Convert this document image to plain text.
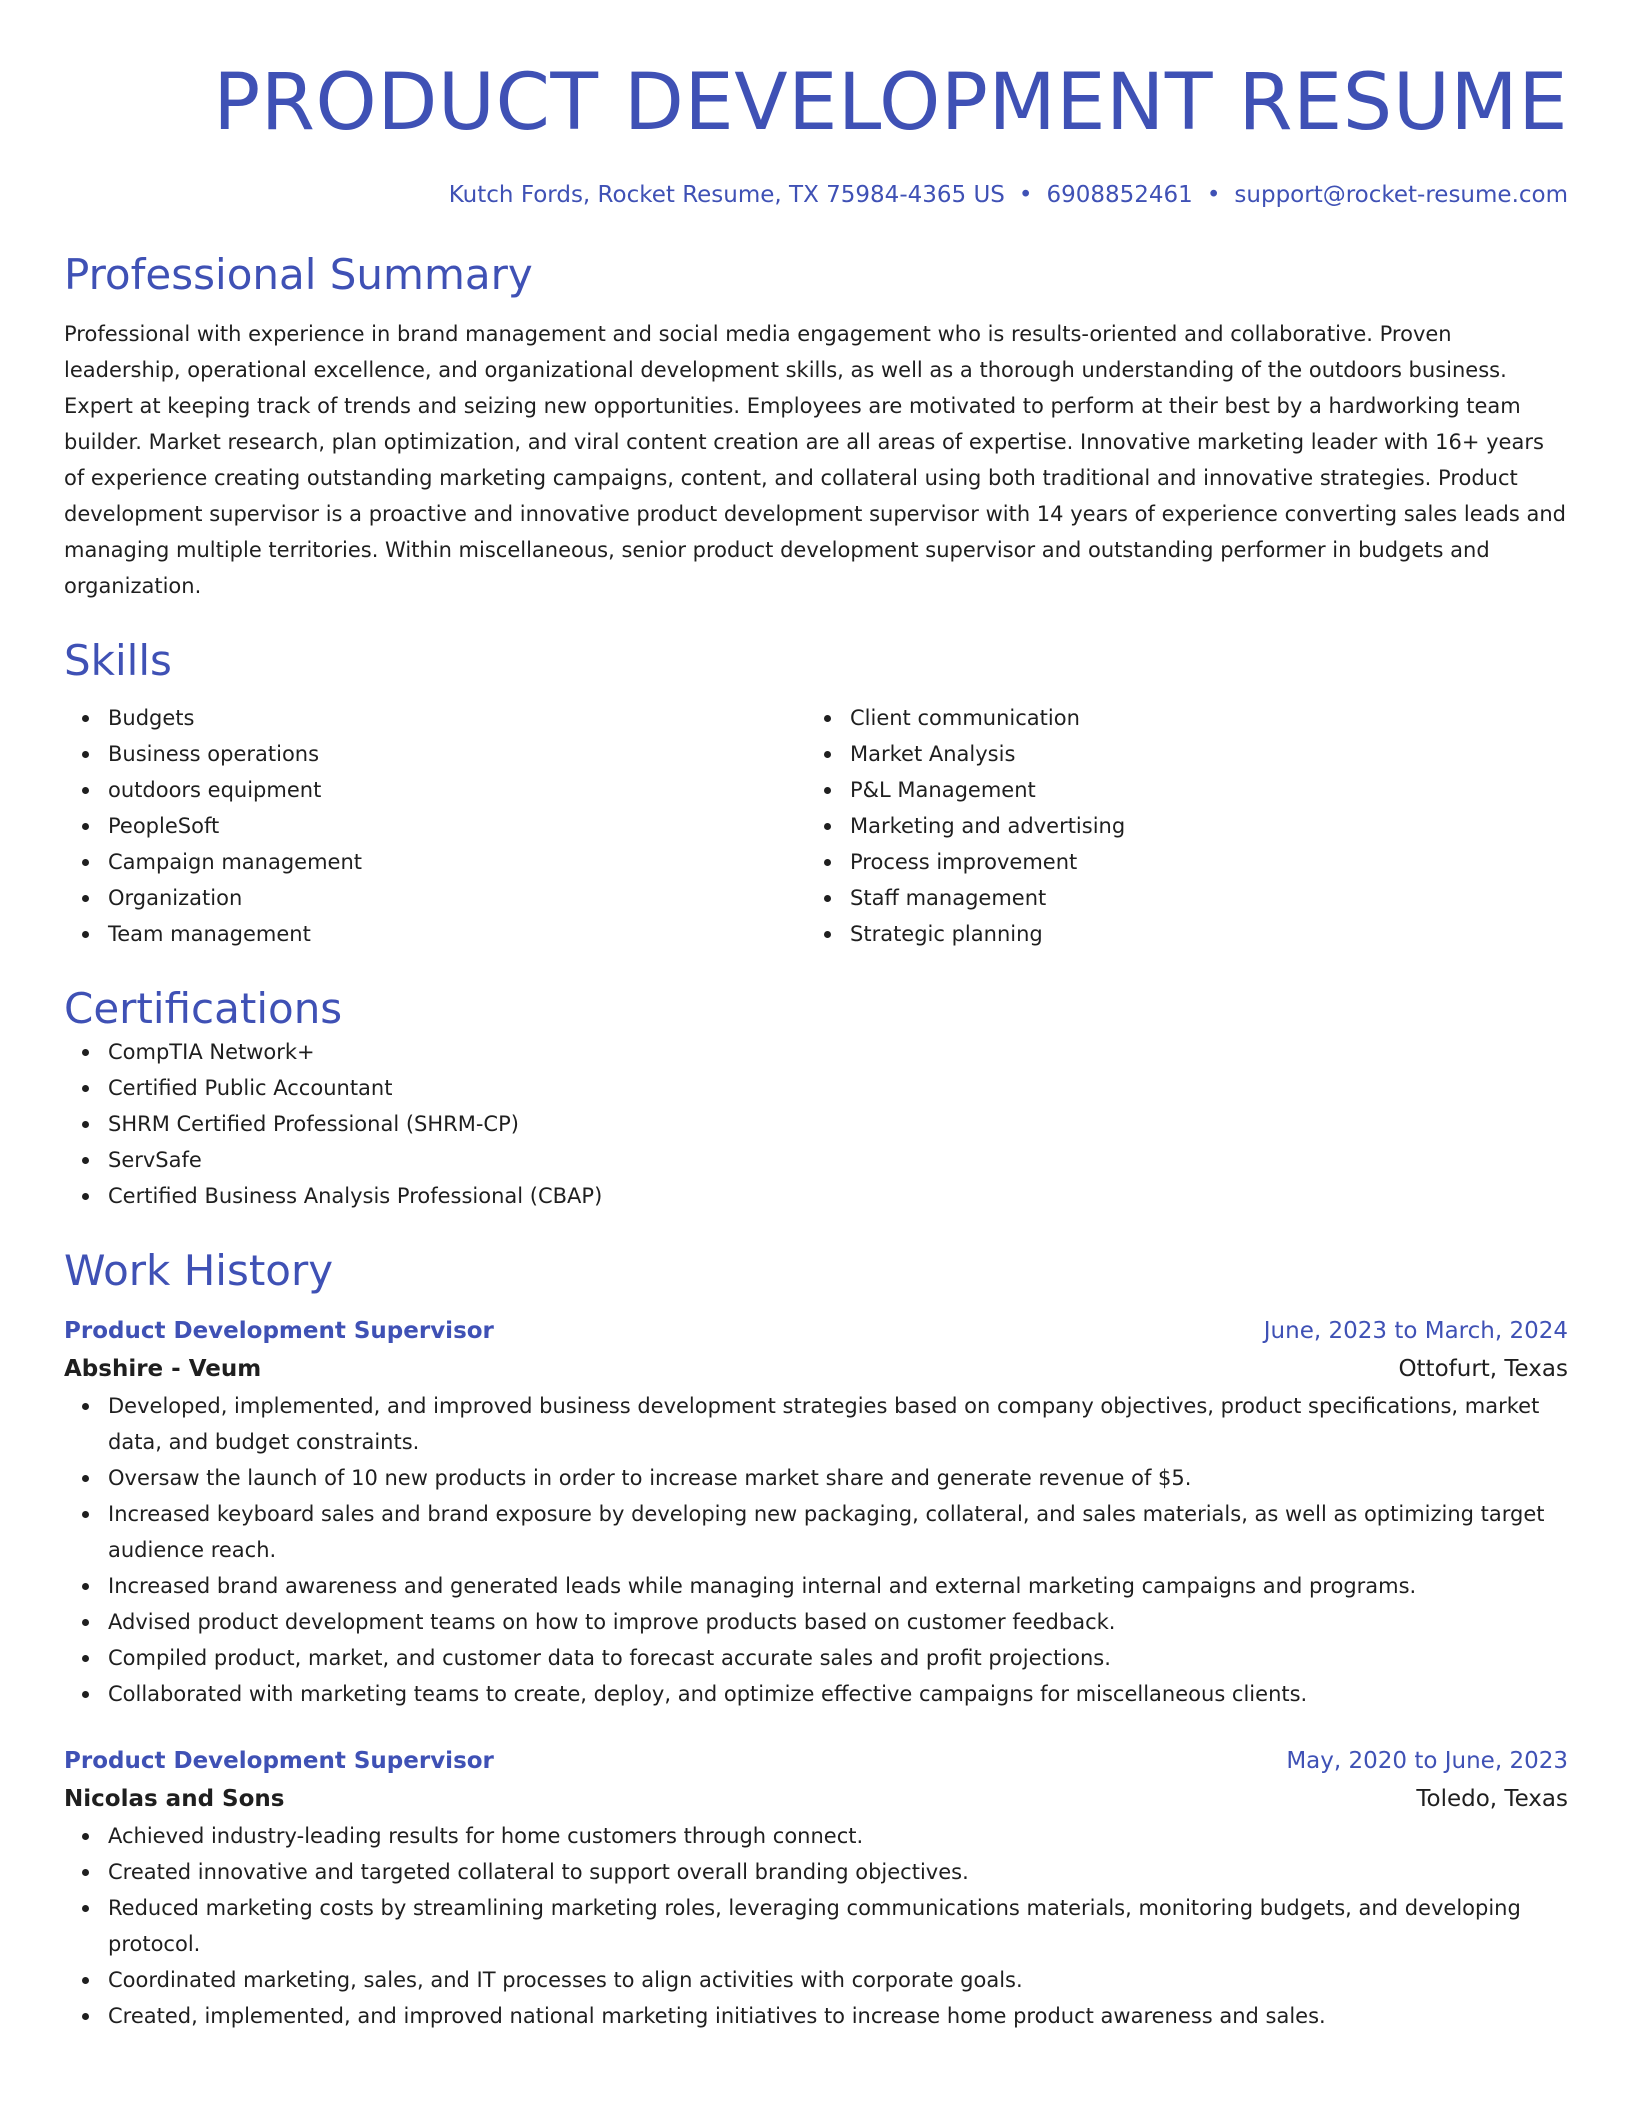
PRODUCT DEVELOPMENT RESUME
Kutch Fords, Rocket Resume, TX 75984-4365 US • 6908852461 • support@rocket-resume.com
Professional Summary
Professional with experience in brand management and social media engagement who is results-oriented and collaborative. Proven leadership, operational excellence, and organizational development skills, as well as a thorough understanding of the outdoors business. Expert at keeping track of trends and seizing new opportunities. Employees are motivated to perform at their best by a hardworking team builder. Market research, plan optimization, and viral content creation are all areas of expertise. Innovative marketing leader with 16+ years of experience creating outstanding marketing campaigns, content, and collateral using both traditional and innovative strategies. Product development supervisor is a proactive and innovative product development supervisor with 14 years of experience converting sales leads and managing multiple territories. Within miscellaneous, senior product development supervisor and outstanding performer in budgets and organization.
Skills
Budgets
Business operations
outdoors equipment
PeopleSoft
Campaign management
Organization
Team management
Client communication
Market Analysis
P&L Management
Marketing and advertising
Process improvement
Staff management
Strategic planning
Certifications
CompTIA Network+
Certified Public Accountant
SHRM Certified Professional (SHRM-CP)
ServSafe
Certified Business Analysis Professional (CBAP)
Work History
Product Development Supervisor	June, 2023 to March, 2024
Abshire - Veum	Ottofurt, Texas
Developed, implemented, and improved business development strategies based on company objectives, product specifications, market data, and budget constraints.
Oversaw the launch of 10 new products in order to increase market share and generate revenue of $5.
Increased keyboard sales and brand exposure by developing new packaging, collateral, and sales materials, as well as optimizing target audience reach.
Increased brand awareness and generated leads while managing internal and external marketing campaigns and programs.
Advised product development teams on how to improve products based on customer feedback.
Compiled product, market, and customer data to forecast accurate sales and profit projections.
Collaborated with marketing teams to create, deploy, and optimize effective campaigns for miscellaneous clients.
Product Development Supervisor	May, 2020 to June, 2023
Nicolas and Sons	Toledo, Texas
Achieved industry-leading results for home customers through connect.
Created innovative and targeted collateral to support overall branding objectives.
Reduced marketing costs by streamlining marketing roles, leveraging communications materials, monitoring budgets, and developing protocol.
Coordinated marketing, sales, and IT processes to align activities with corporate goals.
Created, implemented, and improved national marketing initiatives to increase home product awareness and sales.
